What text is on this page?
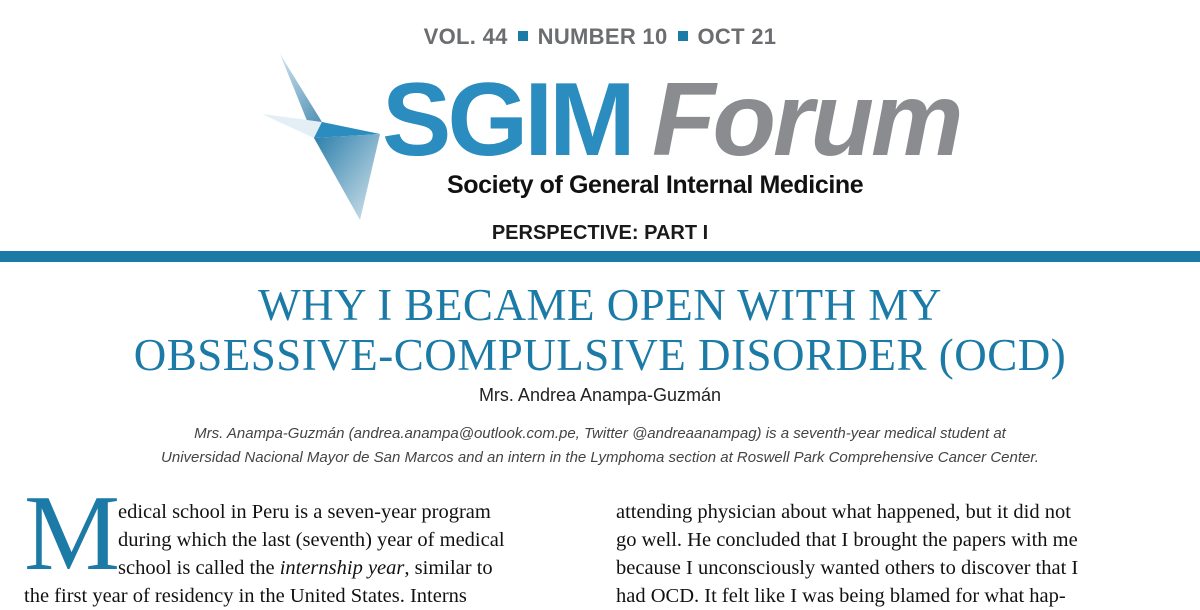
VOL. 44 NUMBER 10 OCT 21
SGIM Forum
Society of General Internal Medicine
PERSPECTIVE: PART I
WHY I BECAME OPEN WITH MY
OBSESSIVE-COMPULSIVE DISORDER (OCD)
Mrs. Andrea Anampa-Guzmán
Mrs. Anampa-Guzmán (andrea.anampa@outlook.com.pe, Twitter @andreaanampag) is a seventh-year medical student at
Universidad Nacional Mayor de San Marcos and an intern in the Lymphoma section at Roswell Park Comprehensive Cancer Center.
M
edical school in Peru is a seven-year program
during which the last (seventh) year of medical
school is called the internship year, similar to
the first year of residency in the United States. Interns
attending physician about what happened, but it did not
go well. He concluded that I brought the papers with me
because I unconsciously wanted others to discover that I
had OCD. It felt like I was being blamed for what hap-
